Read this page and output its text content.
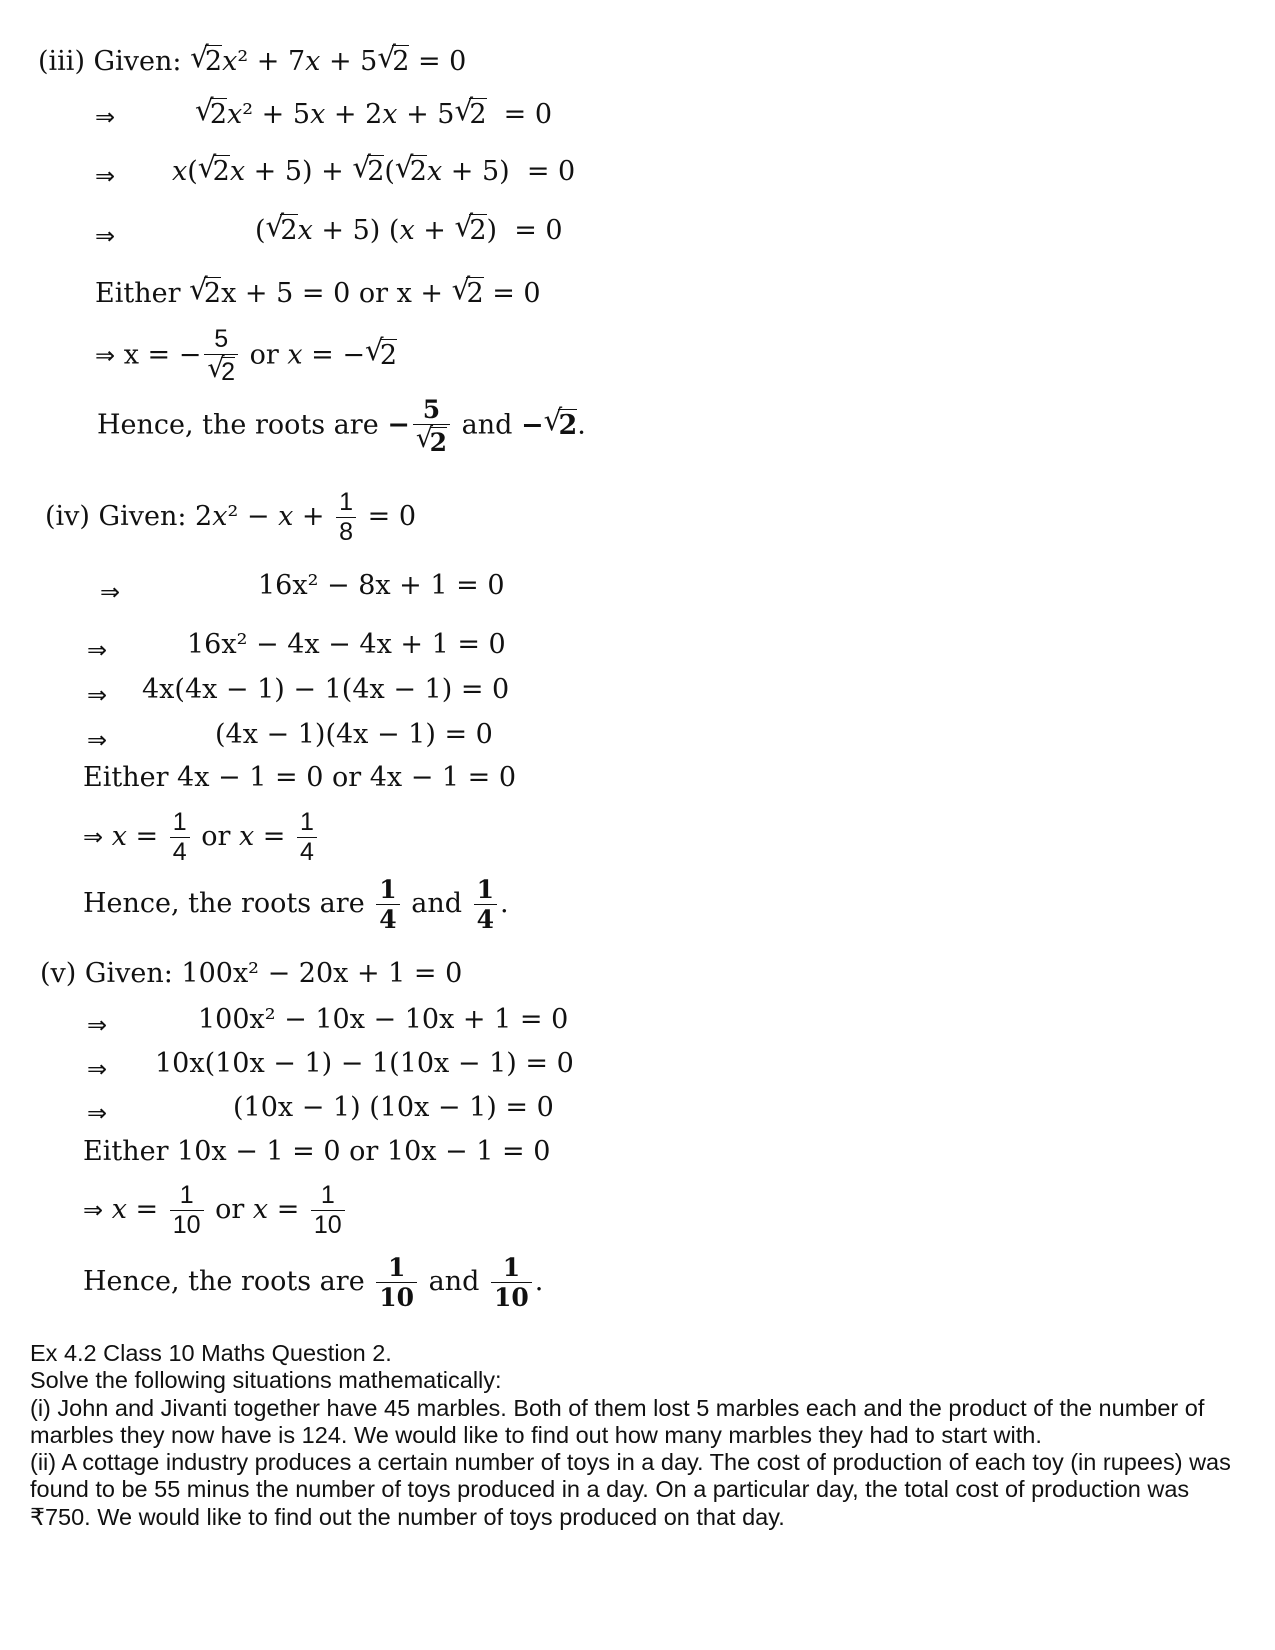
(iii) Given: √ 2x² + 7x + 5 √ 2 = 0
⇒	√ 2x² + 5x + 2x + 5 √ 2  = 0
⇒ x( √ 2x + 5) + √ 2( √ 2x + 5)  = 0
⇒	( √ 2x + 5) (x + √ 2)  = 0
Either √ 2x + 5 = 0 or x + √ 2 = 0
⇒ x = − 5
√ 2 or x = − √ 2
Hence, the roots are − 5
√ 2 and − √ 2.
(iv) Given: $2x^2 - x + \frac{1}{8} = 0$
⇒	16x² − 8x + 1 = 0
⇒	16x² − 4x − 4x + 1 = 0
⇒ 4x(4x − 1) − 1(4x − 1) = 0
⇒	(4x − 1)(4x − 1) = 0
Either 4x − 1 = 0 or 4x − 1 = 0
⇒ $x = \frac{1}{4}$ or $x = \frac{1}{4}$
Hence, the roots are $\frac{1}{4}$ and $\frac{1}{4}$ .
(v) Given: 100x² − 20x + 1 = 0
⇒	100x² − 10x − 10x + 1 = 0
⇒ 10x(10x − 1) − 1(10x − 1) = 0
⇒	(10x − 1) (10x − 1) = 0
Either 10x − 1 = 0 or 10x − 1 = 0
⇒ $x = \frac{1}{10}$ or $x = \frac{1}{10}$
Hence, the roots are $\frac{1}{10}$ and $\frac{1}{10}$ .
Ex 4.2 Class 10 Maths Question 2.
Solve the following situations mathematically:
(i) John and Jivanti together have 45 marbles. Both of them lost 5 marbles each and the product of the number of marbles they now have is 124. We would like to find out how many marbles they had to start with.
(ii) A cottage industry produces a certain number of toys in a day. The cost of production of each toy (in rupees) was found to be 55 minus the number of toys produced in a day. On a particular day, the total cost of production was ₹750. We would like to find out the number of toys produced on that day.
